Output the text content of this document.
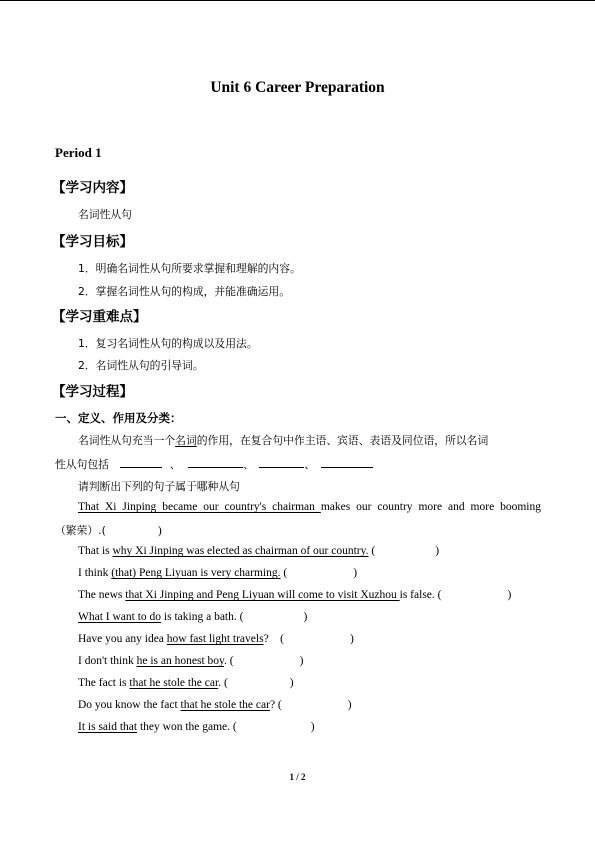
Unit 6 Career Preparation
Period 1
【学习内容】
名词性从句
【学习目标】
1．明确名词性从句所要求掌握和理解的内容。
2．掌握名词性从句的构成，并能准确运用。
【学习重难点】
1．复习名词性从句的构成以及用法。
2．名词性从句的引导词。
【学习过程】
一、定义、作用及分类：
名词性从句充当一个名词的作用，在复合句中作主语、宾语、表语及同位语，所以名词
性从句包括	、	、	、
请判断出下列的句子属于哪种从句
That Xi Jinping became our country's chairman makes our country more and more booming
（繁荣）.(	)
That is why Xi Jinping was elected as chairman of our country. (	)
I think (that) Peng Liyuan is very charming. (	)
The news that Xi Jinping and Peng Liyuan will come to visit Xuzhou is false. (	)
What I want to do is taking a bath. (	)
Have you any idea how fast light travels?    (	)
I don't think he is an honest boy. (	)
The fact is that he stole the car. (	)
Do you know the fact that he stole the car? (	)
It is said that they won the game. (	)
1 / 2
